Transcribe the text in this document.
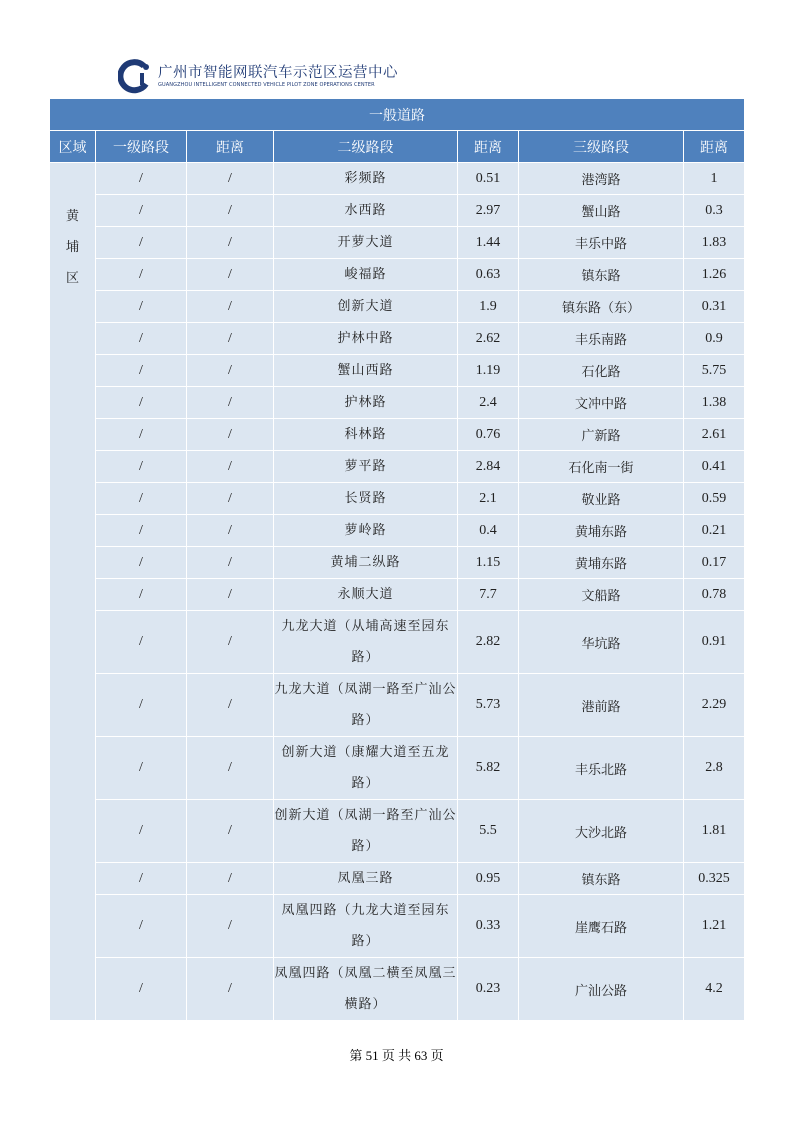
广州市智能网联汽车示范区运营中心
GUANGZHOU INTELLIGENT CONNECTED VEHICLE PILOT ZONE OPERATIONS CENTER
一般道路						
区域	一级路段	距离	二级路段	距离	三级路段	距离
黄
埔
区	/	/	彩频路	0.51	港湾路	1
	/	/	水西路	2.97	蟹山路	0.3
	/	/	开萝大道	1.44	丰乐中路	1.83
	/	/	峻福路	0.63	镇东路	1.26
	/	/	创新大道	1.9	镇东路（东）	0.31
	/	/	护林中路	2.62	丰乐南路	0.9
	/	/	蟹山西路	1.19	石化路	5.75
	/	/	护林路	2.4	文冲中路	1.38
	/	/	科林路	0.76	广新路	2.61
	/	/	萝平路	2.84	石化南一街	0.41
	/	/	长贤路	2.1	敬业路	0.59
	/	/	萝岭路	0.4	黄埔东路	0.21
	/	/	黄埔二纵路	1.15	黄埔东路	0.17
	/	/	永顺大道	7.7	文船路	0.78
	/	/	九龙大道（从埔高速至园东路）	2.82	华坑路	0.91
	/	/	九龙大道（凤湖一路至广汕公路）	5.73	港前路	2.29
	/	/	创新大道（康耀大道至五龙路）	5.82	丰乐北路	2.8
	/	/	创新大道（凤湖一路至广汕公路）	5.5	大沙北路	1.81
	/	/	凤凰三路	0.95	镇东路	0.325
	/	/	凤凰四路（九龙大道至园东路）	0.33	崖鹰石路	1.21
	/	/	凤凰四路（凤凰二横至凤凰三横路）	0.23	广汕公路	4.2
第 51 页 共 63 页
